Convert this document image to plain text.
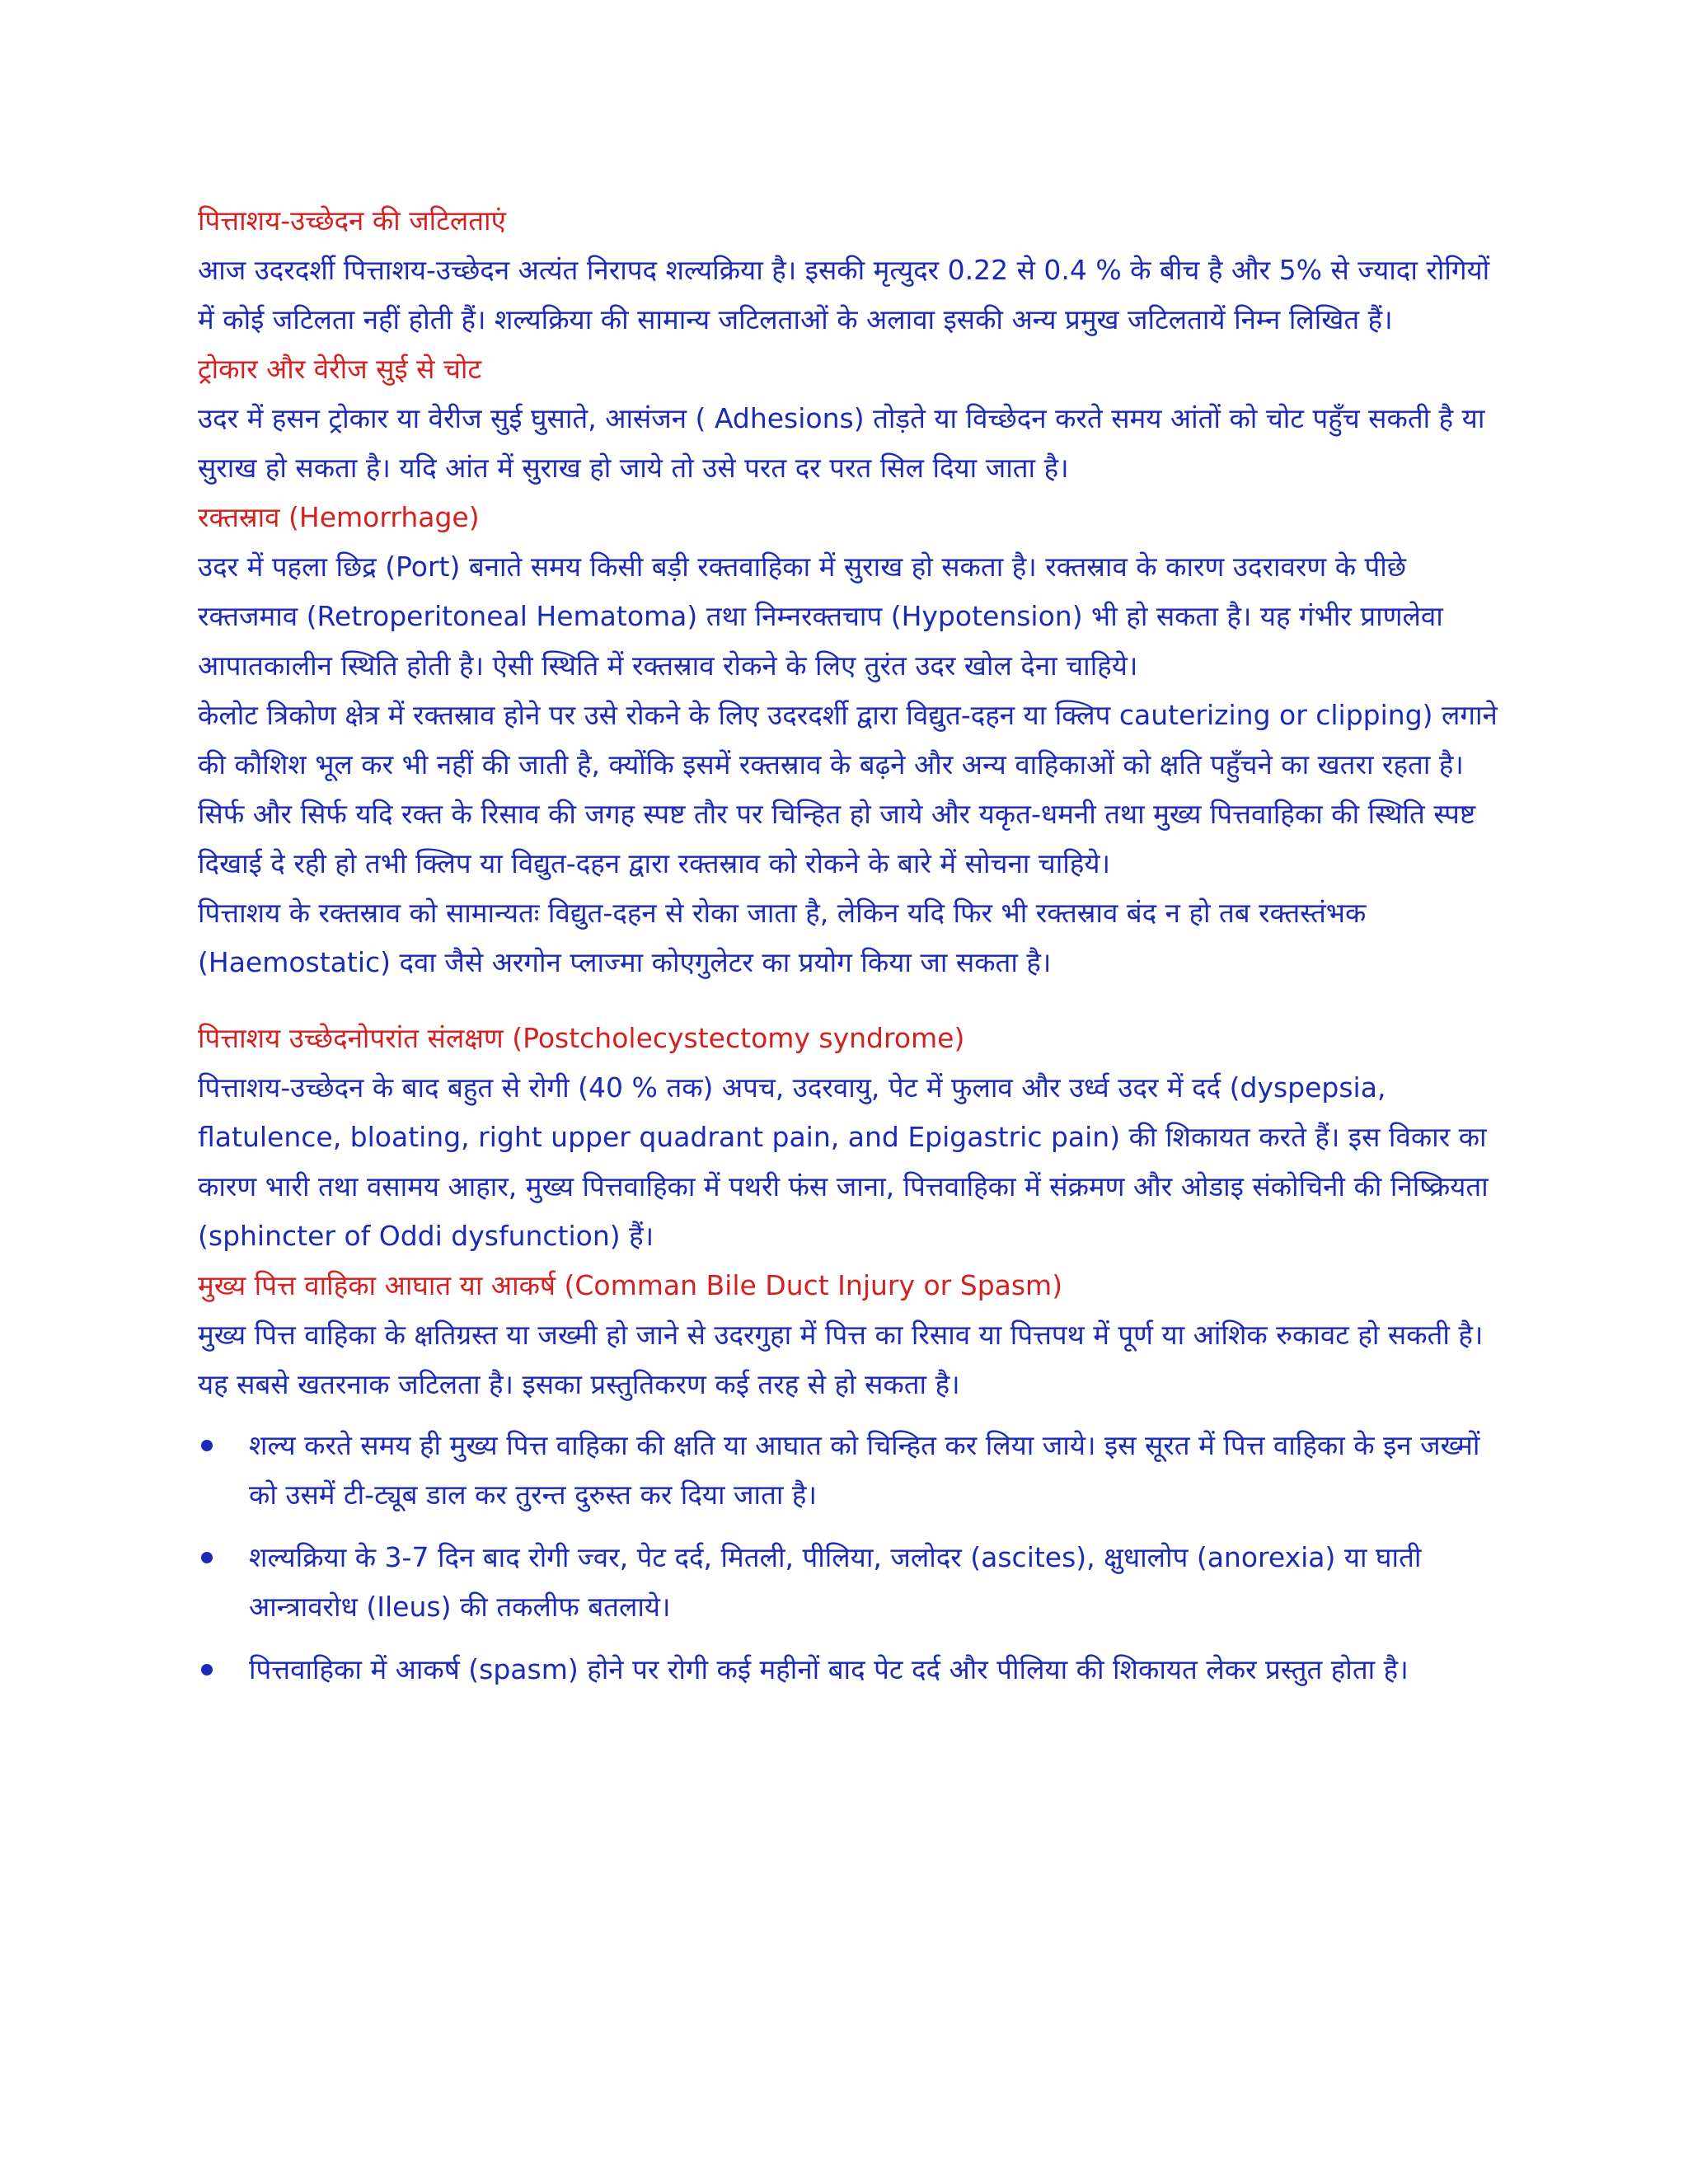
पित्ताशय-उच्छेदन की जटिलताएं
आज उदरदर्शी पित्ताशय-उच्छेदन अत्यंत निरापद शल्यक्रिया है। इसकी मृत्युदर 0.22 से 0.4 % के बीच है और 5% से ज्यादा रोगियों में कोई जटिलता नहीं होती हैं। शल्यक्रिया की सामान्य जटिलताओं के अलावा इसकी अन्य प्रमुख जटिलतायें निम्न लिखित हैं।
ट्रोकार और वेरीज सुई से चोट
उदर में हसन ट्रोकार या वेरीज सुई घुसाते, आसंजन ( Adhesions) तोड़ते या विच्छेदन करते समय आंतों को चोट पहुँच सकती है या सुराख हो सकता है। यदि आंत में सुराख हो जाये तो उसे परत दर परत सिल दिया जाता है।
रक्तस्राव (Hemorrhage)
उदर में पहला छिद्र (Port) बनाते समय किसी बड़ी रक्तवाहिका में सुराख हो सकता है। रक्तस्राव के कारण उदरावरण के पीछे रक्तजमाव (Retroperitoneal Hematoma) तथा निम्नरक्तचाप (Hypotension) भी हो सकता है। यह गंभीर प्राणलेवा आपातकालीन स्थिति होती है। ऐसी स्थिति में रक्तस्राव रोकने के लिए तुरंत उदर खोल देना चाहिये।
केलोट त्रिकोण क्षेत्र में रक्तस्राव होने पर उसे रोकने के लिए उदरदर्शी द्वारा विद्युत-दहन या क्लिप cauterizing or clipping) लगाने की कौशिश भूल कर भी नहीं की जाती है, क्योंकि इसमें रक्तस्राव के बढ़ने और अन्य वाहिकाओं को क्षति पहुँचने का खतरा रहता है। सिर्फ और सिर्फ यदि रक्त के रिसाव की जगह स्पष्ट तौर पर चिन्हित हो जाये और यकृत-धमनी तथा मुख्य पित्तवाहिका की स्थिति स्पष्ट दिखाई दे रही हो तभी क्लिप या विद्युत-दहन द्वारा रक्तस्राव को रोकने के बारे में सोचना चाहिये।
पित्ताशय के रक्तस्राव को सामान्यतः विद्युत-दहन से रोका जाता है, लेकिन यदि फिर भी रक्तस्राव बंद न हो तब रक्तस्तंभक (Haemostatic) दवा जैसे अरगोन प्लाज्मा कोएगुलेटर का प्रयोग किया जा सकता है।
पित्ताशय उच्छेदनोपरांत संलक्षण (Postcholecystectomy syndrome)
पित्ताशय-उच्छेदन के बाद बहुत से रोगी (40 % तक) अपच, उदरवायु, पेट में फुलाव और उर्ध्व उदर में दर्द (dyspepsia, flatulence, bloating, right upper quadrant pain, and Epigastric pain) की शिकायत करते हैं। इस विकार का कारण भारी तथा वसामय आहार, मुख्य पित्तवाहिका में पथरी फंस जाना, पित्तवाहिका में संक्रमण और ओडाइ संकोचिनी की निष्क्रियता (sphincter of Oddi dysfunction) हैं।
मुख्य पित्त वाहिका आघात या आकर्ष (Comman Bile Duct Injury or Spasm)
मुख्य पित्त वाहिका के क्षतिग्रस्त या जख्मी हो जाने से उदरगुहा में पित्त का रिसाव या पित्तपथ में पूर्ण या आंशिक रुकावट हो सकती है। यह सबसे खतरनाक जटिलता है। इसका प्रस्तुतिकरण कई तरह से हो सकता है।
शल्य करते समय ही मुख्य पित्त वाहिका की क्षति या आघात को चिन्हित कर लिया जाये। इस सूरत में पित्त वाहिका के इन जख्मों को उसमें टी-ट्यूब डाल कर तुरन्त दुरुस्त कर दिया जाता है।
शल्यक्रिया के 3-7 दिन बाद रोगी ज्वर, पेट दर्द, मितली, पीलिया, जलोदर (ascites), क्षुधालोप (anorexia) या घाती आन्त्रावरोध (Ileus) की तकलीफ बतलाये।
पित्तवाहिका में आकर्ष (spasm) होने पर रोगी कई महीनों बाद पेट दर्द और पीलिया की शिकायत लेकर प्रस्तुत होता है।
